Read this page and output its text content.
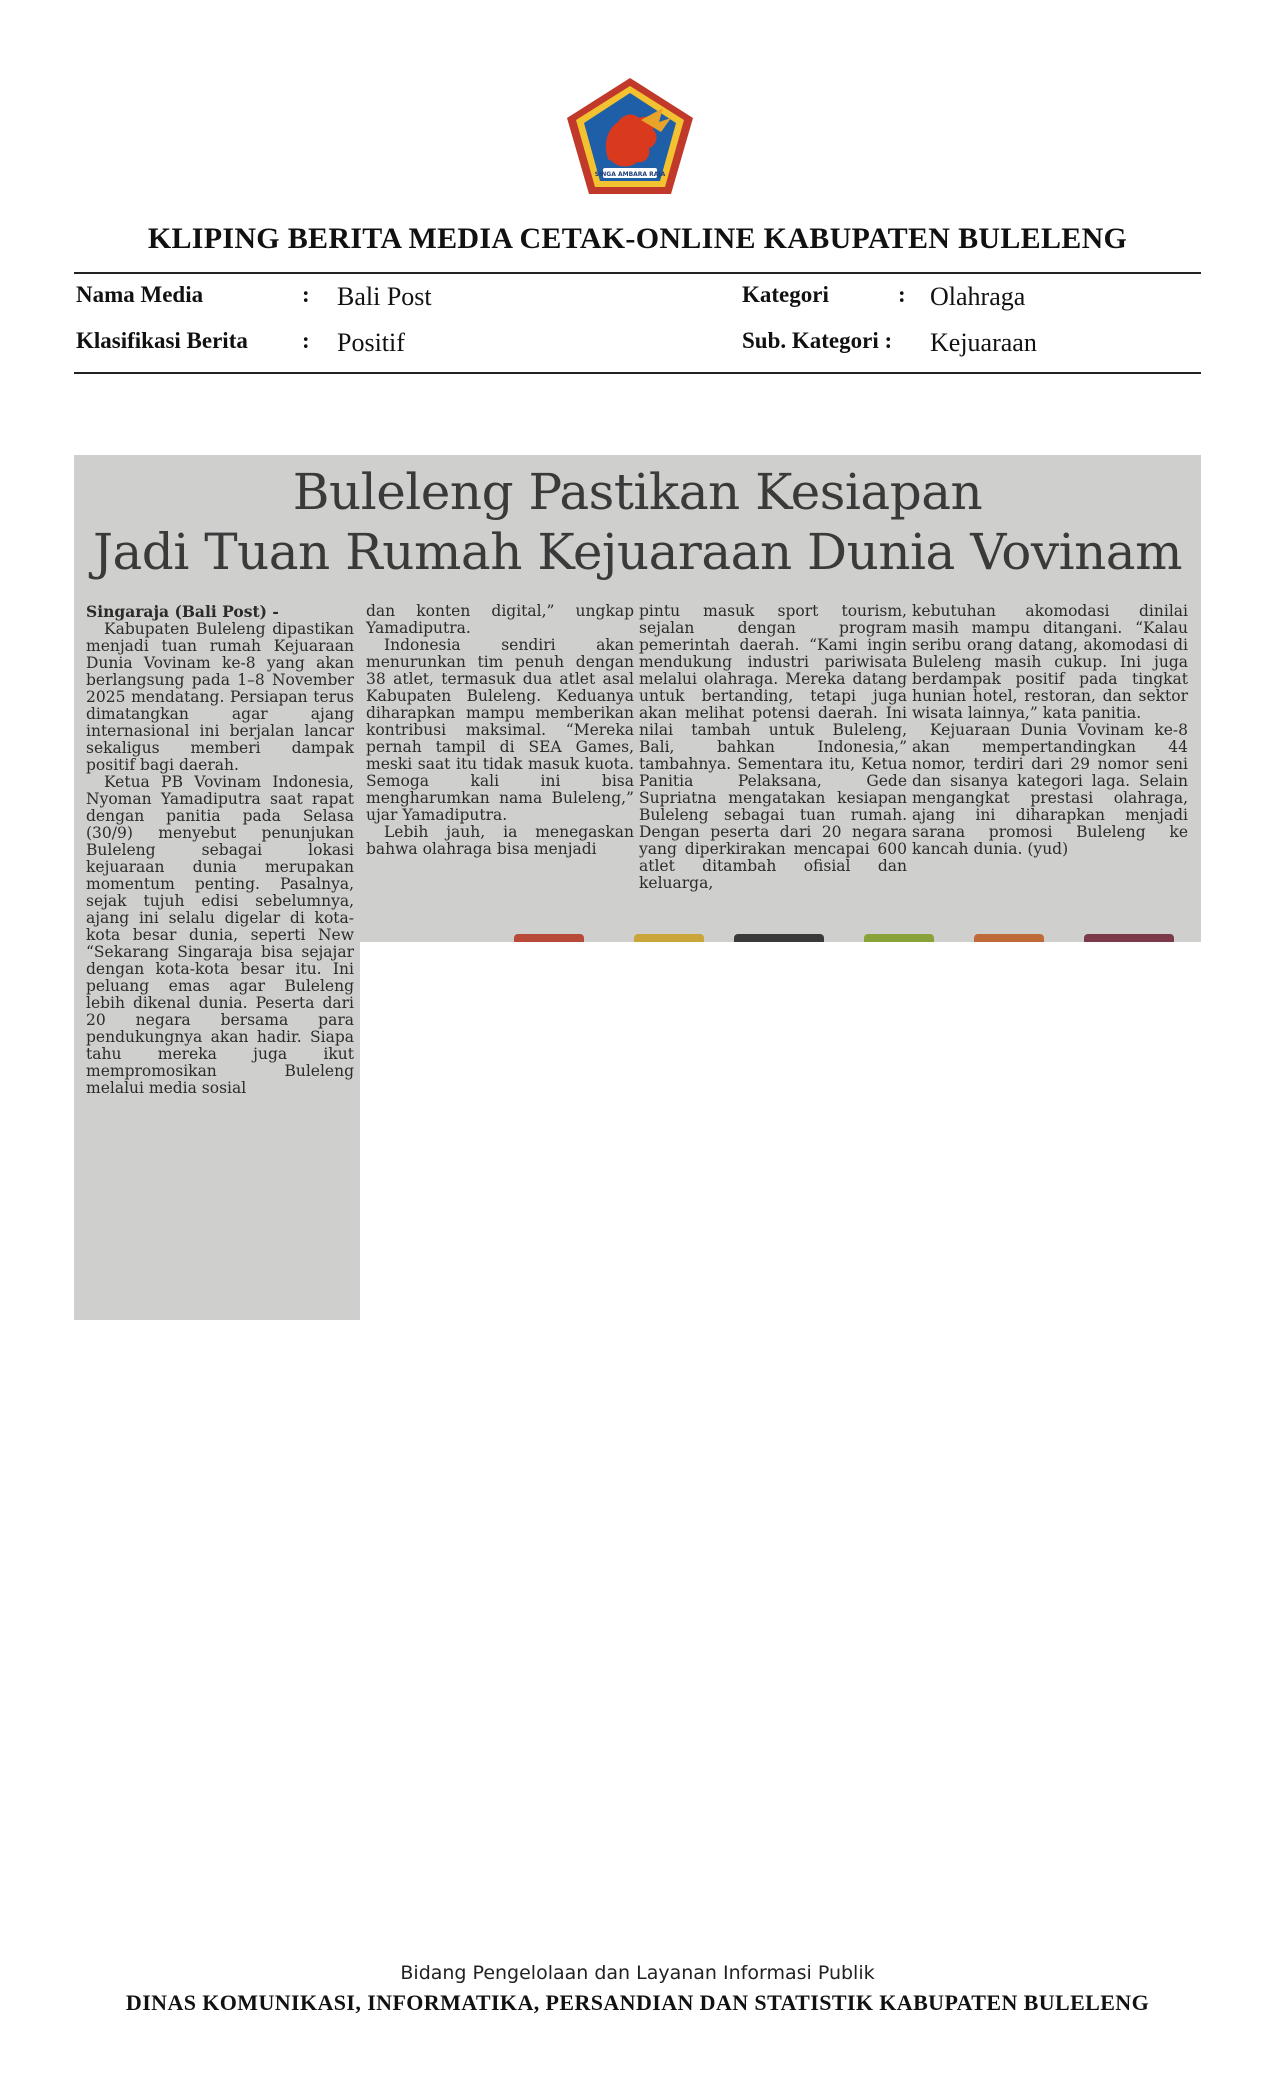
SINGA AMBARA RAJA
KLIPING BERITA MEDIA CETAK-ONLINE KABUPATEN BULELENG
Nama Media	: Bali Post	Kategori	: Olahraga
Klasifikasi Berita : Positif	Sub. Kategori : Kejuaraan
Buleleng Pastikan Kesiapan
Jadi Tuan Rumah Kejuaraan Dunia Vovinam

Singaraja (Bali Post) -

Kabupaten Buleleng dipastikan menjadi tuan rumah Kejuaraan Dunia Vovinam ke-8 yang akan berlangsung pada 1–8 November 2025 mendatang. Persiapan terus dimatangkan agar ajang internasional ini berjalan lancar sekaligus memberi dampak positif bagi daerah.

Ketua PB Vovinam Indonesia, Nyoman Yamadiputra saat rapat dengan panitia pada Selasa (30/9) menyebut penunjukan Buleleng sebagai lokasi kejuaraan dunia merupakan momentum penting. Pasalnya, sejak tujuh edisi sebelumnya, ajang ini selalu digelar di kota-kota besar dunia, seperti New

dan konten digital,” ungkap Yamadiputra.

Indonesia sendiri akan menurunkan tim penuh dengan 38 atlet, termasuk dua atlet asal Kabupaten Buleleng. Keduanya diharapkan mampu memberikan kontribusi maksimal. “Mereka pernah tampil di SEA Games, meski saat itu tidak masuk kuota. Semoga kali ini bisa mengharumkan nama Buleleng,” ujar Yamadiputra.

Lebih jauh, ia menegaskan bahwa olahraga bisa menjadi

pintu masuk sport tourism, sejalan dengan program pemerintah daerah. “Kami ingin mendukung industri pariwisata melalui olahraga. Mereka datang untuk bertanding, tetapi juga akan melihat potensi daerah. Ini nilai tambah untuk Buleleng, Bali, bahkan Indonesia,” tambahnya. Sementara itu, Ketua Panitia Pelaksana, Gede Supriatna mengatakan kesiapan Buleleng sebagai tuan rumah. Dengan peserta dari 20 negara yang diperkirakan mencapai 600 atlet ditambah ofisial dan keluarga,

kebutuhan akomodasi dinilai masih mampu ditangani. “Kalau seribu orang datang, akomodasi di Buleleng masih cukup. Ini juga berdampak positif pada tingkat hunian hotel, restoran, dan sektor wisata lainnya,” kata panitia.

Kejuaraan Dunia Vovinam ke-8 akan mempertandingkan 44 nomor, terdiri dari 29 nomor seni dan sisanya kategori laga. Selain mengangkat prestasi olahraga, ajang ini diharapkan menjadi sarana promosi Buleleng ke kancah dunia. (yud)

“Sekarang Singaraja bisa sejajar dengan kota-kota besar itu. Ini peluang emas agar Buleleng lebih dikenal dunia. Peserta dari 20 negara bersama para pendukungnya akan hadir. Siapa tahu mereka juga ikut mempromosikan Buleleng melalui media sosial

Bidang Pengelolaan dan Layanan Informasi Publik
DINAS KOMUNIKASI, INFORMATIKA, PERSANDIAN DAN STATISTIK KABUPATEN BULELENG
